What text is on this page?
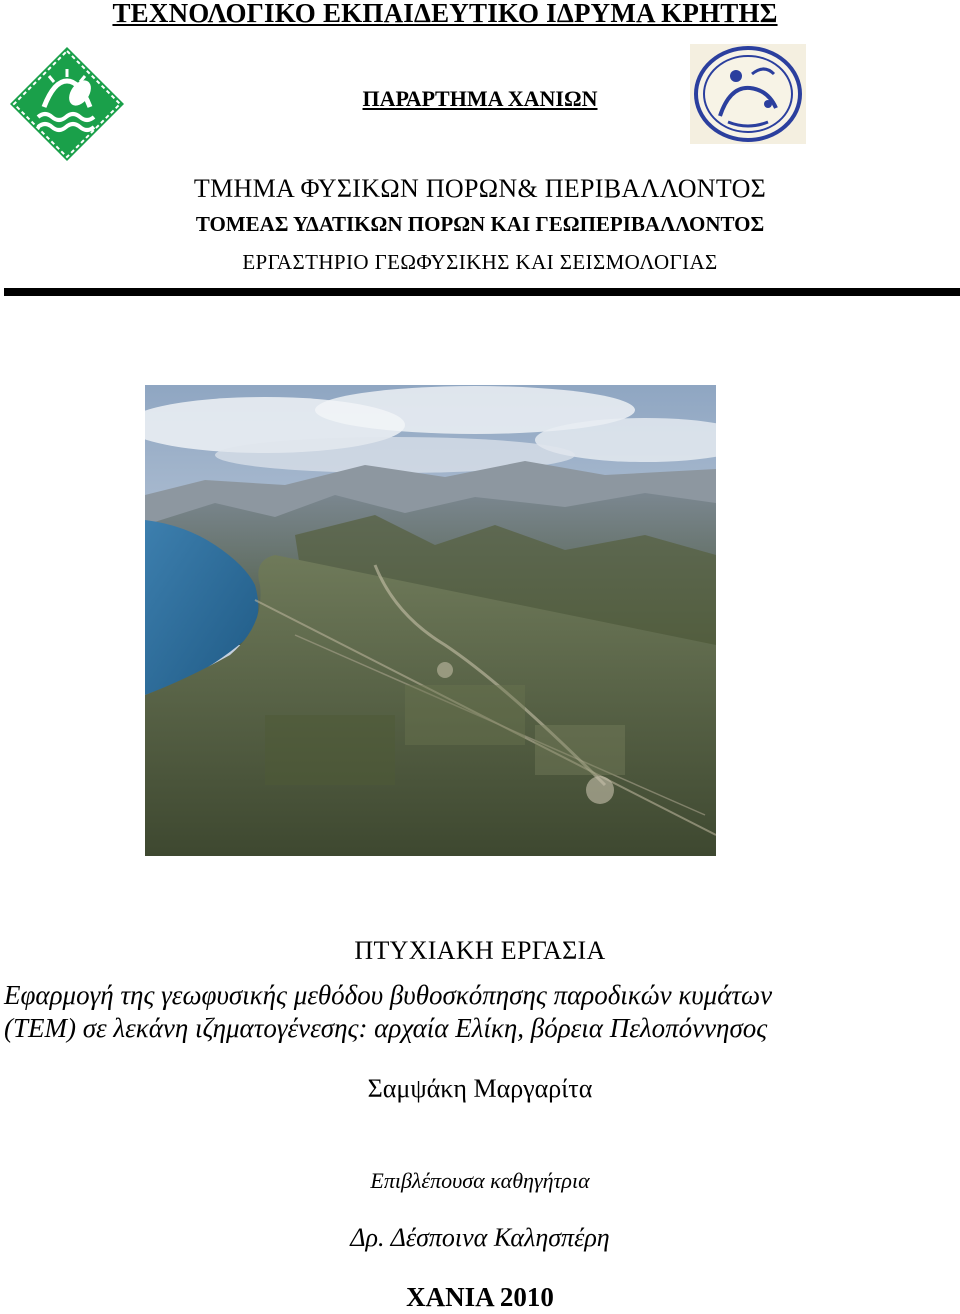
ΤΕΧΝΟΛΟΓΙΚΟ ΕΚΠΑΙΔΕΥΤΙΚΟ ΙΔΡΥΜΑ ΚΡΗΤΗΣ
ΠΑΡΑΡΤΗΜΑ ΧΑΝΙΩΝ
ΤΜΗΜΑ ΦΥΣΙΚΩΝ ΠΟΡΩΝ& ΠΕΡΙΒΑΛΛΟΝΤΟΣ
ΤΟΜΕΑΣ ΥΔΑΤΙΚΩΝ ΠΟΡΩΝ ΚΑΙ ΓΕΩΠΕΡΙΒΑΛΛΟΝΤΟΣ
ΕΡΓΑΣΤΗΡΙΟ ΓΕΩΦΥΣΙΚΗΣ ΚΑΙ ΣΕΙΣΜΟΛΟΓΙΑΣ
ΠΤΥΧΙΑΚΗ ΕΡΓΑΣΙΑ
Εφαρμογή της γεωφυσικής μεθόδου βυθοσκόπησης παροδικών κυμάτων
(TEM) σε λεκάνη ιζηματογένεσης: αρχαία Ελίκη, βόρεια Πελοπόννησος
Σαμψάκη Μαργαρίτα
Επιβλέπουσα καθηγήτρια
Δρ. Δέσποινα Καλησπέρη
ΧΑΝΙΑ 2010
